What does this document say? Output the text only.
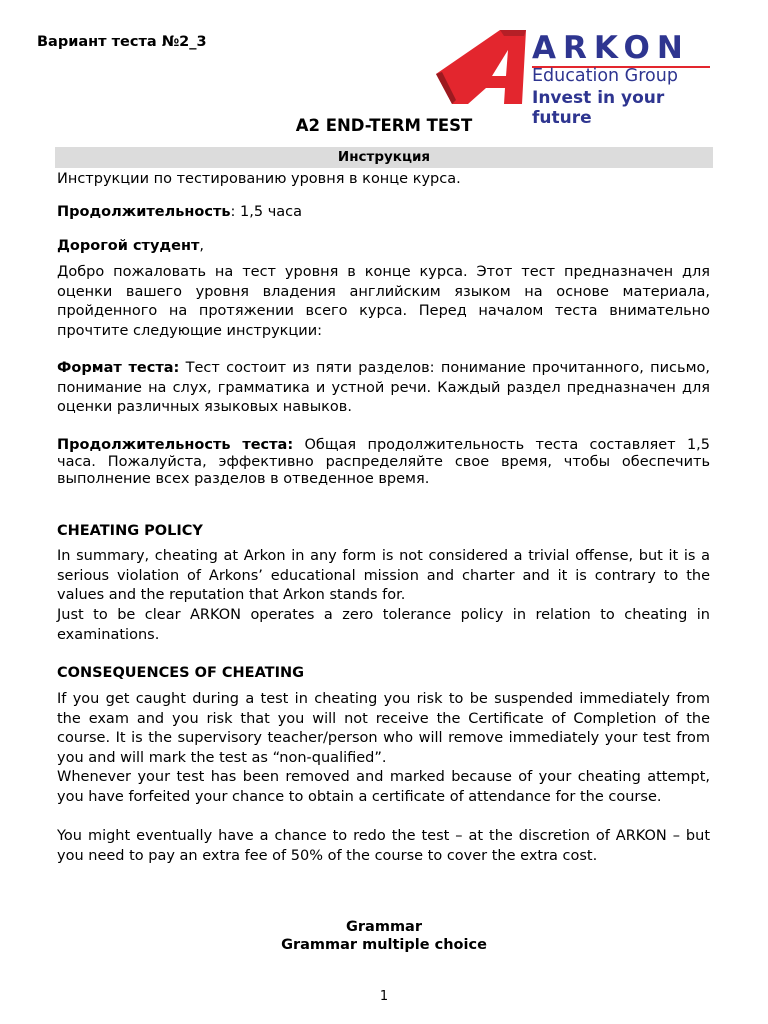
Вариант теста №2_3	ARKON
Education Group
Invest in your future
A2 END-TERM TEST
Инструкция

Инструкции по тестированию уровня в конце курса.

Продолжительность: 1,5 часа

Дорогой студент,

Добро пожаловать на тест уровня в конце курса. Этот тест предназначен для оценки вашего уровня владения английским языком на основе материала, пройденного на протяжении всего курса. Перед началом теста внимательно прочтите следующие инструкции:

Формат теста: Тест состоит из пяти разделов: понимание прочитанного, письмо, понимание на слух, грамматика и устной речи. Каждый раздел предназначен для оценки различных языковых навыков.

Продолжительность теста: Общая продолжительность теста составляет 1,5 часа. Пожалуйста, эффективно распределяйте свое время, чтобы обеспечить выполнение всех разделов в отведенное время.

CHEATING POLICY

In summary, cheating at Arkon in any form is not considered a trivial offense, but it is a serious violation of Arkons’ educational mission and charter and it is contrary to the values and the reputation that Arkon stands for.

Just to be clear ARKON operates a zero tolerance policy in relation to cheating in examinations.

CONSEQUENCES OF CHEATING

If you get caught during a test in cheating you risk to be suspended immediately from the exam and you risk that you will not receive the Certificate of Completion of the course. It is the supervisory teacher/person who will remove immediately your test from you and will mark the test as “non-qualified”.

Whenever your test has been removed and marked because of your cheating attempt, you have forfeited your chance to obtain a certificate of attendance for the course.

You might eventually have a chance to redo the test – at the discretion of ARKON – but you need to pay an extra fee of 50% of the course to cover the extra cost.

Grammar
Grammar multiple choice
1
